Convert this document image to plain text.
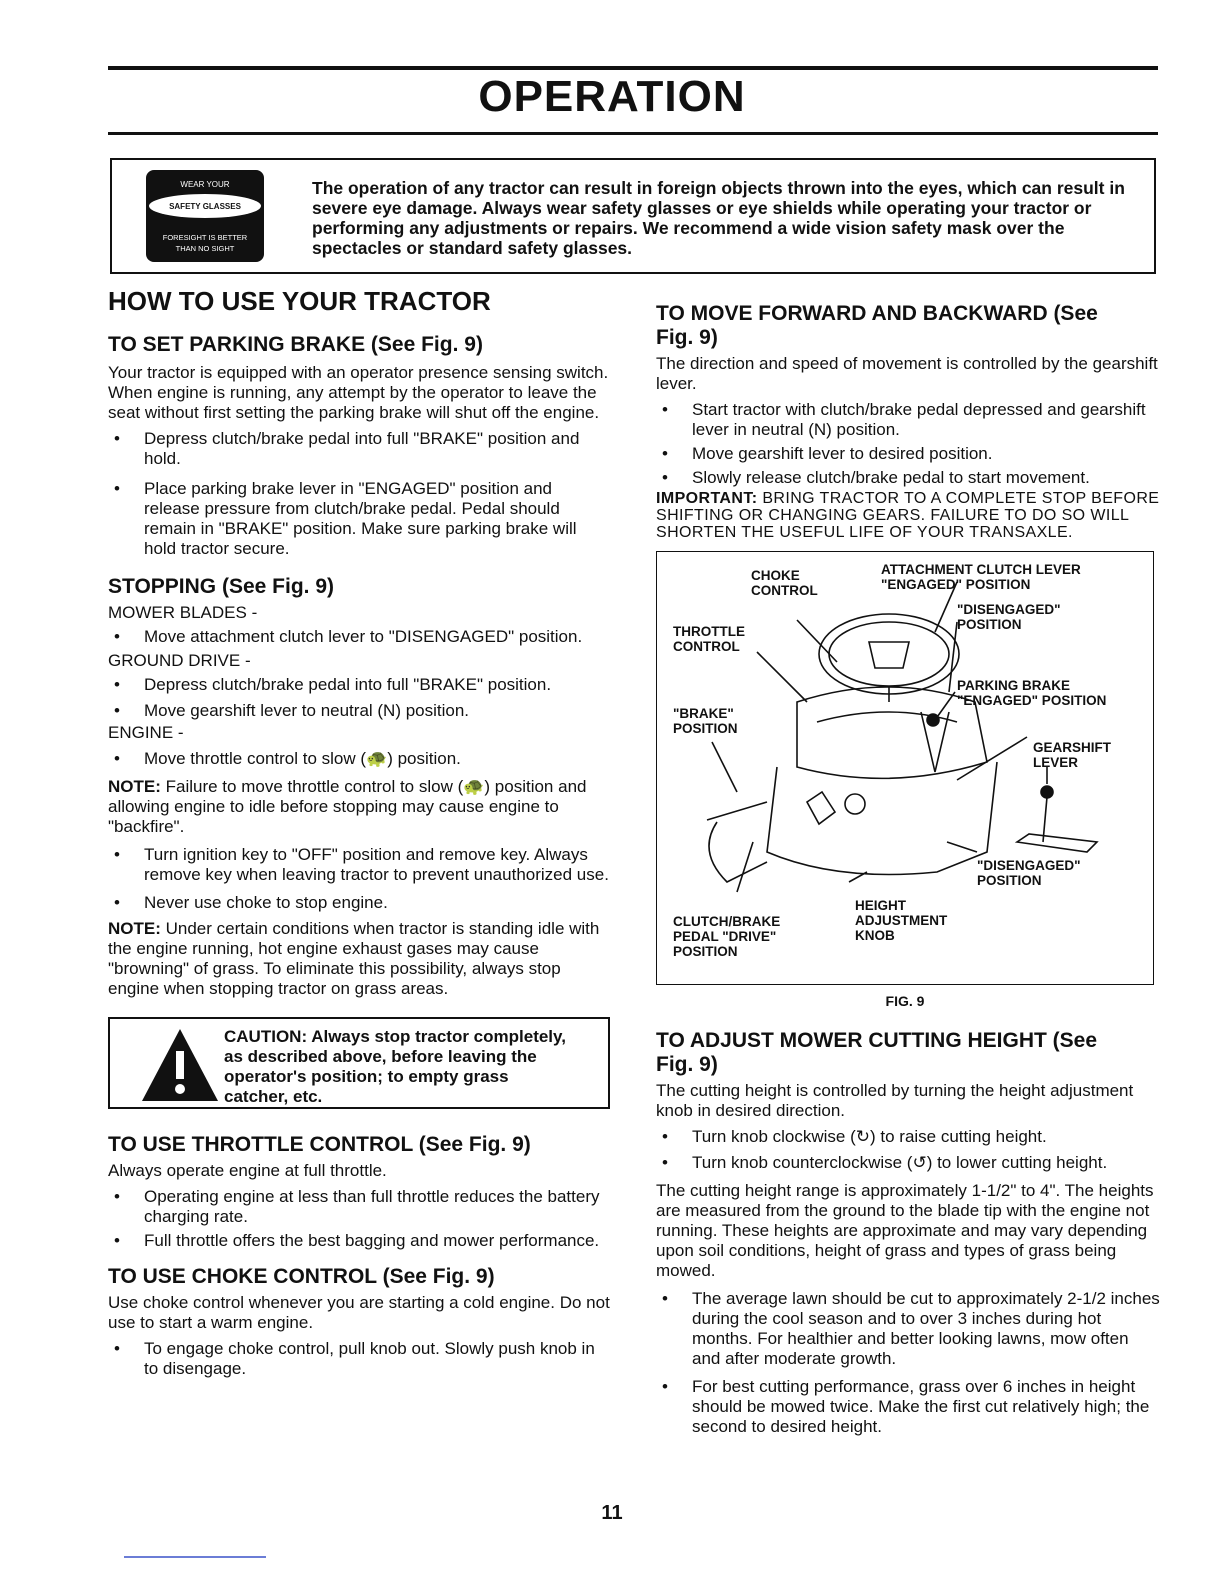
OPERATION
WEAR YOUR
SAFETY GLASSES
FORESIGHT IS BETTER
THAN NO SIGHT
The operation of any tractor can result in foreign objects thrown into the eyes, which can result in severe eye damage. Always wear safety glasses or eye shields while operating your tractor or performing any adjustments or repairs. We recommend a wide vision safety mask over the spectacles or standard safety glasses.
HOW TO USE YOUR TRACTOR
TO SET PARKING BRAKE (See Fig. 9)

Your tractor is equipped with an operator presence sensing switch. When engine is running, any attempt by the operator to leave the seat without first setting the parking brake will shut off the engine.

• Depress clutch/brake pedal into full "BRAKE" position and hold.
• Place parking brake lever in "ENGAGED" position and release pressure from clutch/brake pedal. Pedal should remain in "BRAKE" position. Make sure parking brake will hold tractor secure.
STOPPING (See Fig. 9)

MOWER BLADES -

• Move attachment clutch lever to "DISENGAGED" position.

GROUND DRIVE -

• Depress clutch/brake pedal into full "BRAKE" position.
• Move gearshift lever to neutral (N) position.

ENGINE -

• Move throttle control to slow (🐢) position.

NOTE: Failure to move throttle control to slow (🐢) position and allowing engine to idle before stopping may cause engine to "backfire".

• Turn ignition key to "OFF" position and remove key. Always remove key when leaving tractor to prevent unauthorized use.
• Never use choke to stop engine.

NOTE: Under certain conditions when tractor is standing idle with the engine running, hot engine exhaust gases may cause "browning" of grass. To eliminate this possibility, always stop engine when stopping tractor on grass areas.

CAUTION: Always stop tractor completely, as described above, before leaving the operator's position; to empty grass catcher, etc.
TO USE THROTTLE CONTROL (See Fig. 9)

Always operate engine at full throttle.

• Operating engine at less than full throttle reduces the battery charging rate.
• Full throttle offers the best bagging and mower performance.
TO USE CHOKE CONTROL (See Fig. 9)

Use choke control whenever you are starting a cold engine. Do not use to start a warm engine.

• To engage choke control, pull knob out. Slowly push knob in to disengage.
TO MOVE FORWARD AND BACKWARD (See Fig. 9)

The direction and speed of movement is controlled by the gearshift lever.

• Start tractor with clutch/brake pedal depressed and gearshift lever in neutral (N) position.
• Move gearshift lever to desired position.
• Slowly release clutch/brake pedal to start movement.

IMPORTANT: BRING TRACTOR TO A COMPLETE STOP BEFORE SHIFTING OR CHANGING GEARS. FAILURE TO DO SO WILL SHORTEN THE USEFUL LIFE OF YOUR TRANSAXLE.

CHOKE
CONTROL
ATTACHMENT CLUTCH LEVER
"ENGAGED" POSITION
"DISENGAGED"
POSITION
THROTTLE
CONTROL
PARKING BRAKE
"ENGAGED" POSITION
"BRAKE"
POSITION
GEARSHIFT
LEVER
"DISENGAGED"
POSITION
HEIGHT
ADJUSTMENT
KNOB
CLUTCH/BRAKE
PEDAL "DRIVE"
POSITION
FIG. 9
TO ADJUST MOWER CUTTING HEIGHT (See Fig. 9)

The cutting height is controlled by turning the height adjustment knob in desired direction.

• Turn knob clockwise (↻) to raise cutting height.
• Turn knob counterclockwise (↺) to lower cutting height.

The cutting height range is approximately 1-1/2" to 4". The heights are measured from the ground to the blade tip with the engine not running. These heights are approximate and may vary depending upon soil conditions, height of grass and types of grass being mowed.

• The average lawn should be cut to approximately 2-1/2 inches during the cool season and to over 3 inches during hot months. For healthier and better looking lawns, mow often and after moderate growth.
• For best cutting performance, grass over 6 inches in height should be mowed twice. Make the first cut relatively high; the second to desired height.
11
